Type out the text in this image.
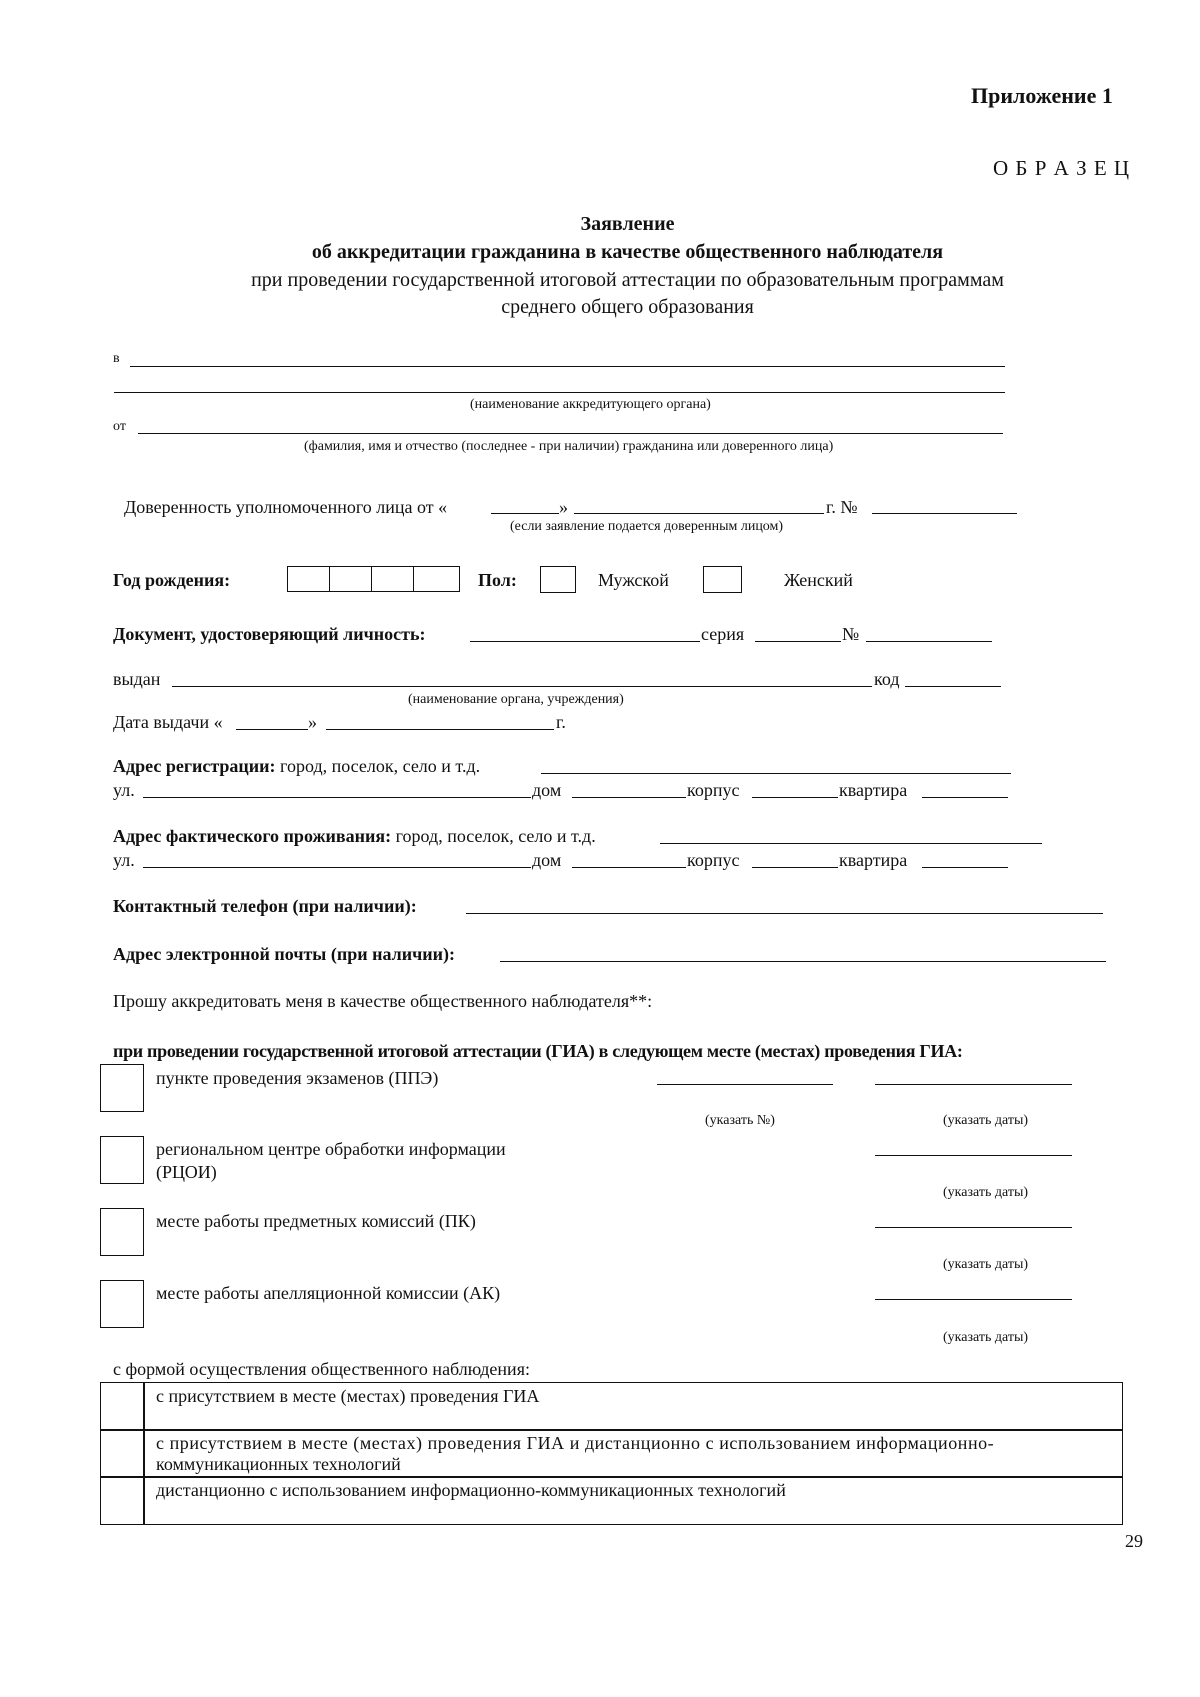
Приложение 1
О Б Р А З Е Ц
Заявление
об аккредитации гражданина в качестве общественного наблюдателя
при проведении государственной итоговой аттестации по образовательным программам
среднего общего образования
в
(наименование аккредитующего органа)
от
(фамилия, имя и отчество (последнее - при наличии) гражданина или доверенного лица)
Доверенность уполномоченного лица от «	»	г. №
(если заявление подается доверенным лицом)
Год рождения:	Пол:	Мужской	Женский
Документ, удостоверяющий личность:	серия	№
выдан	код
(наименование органа, учреждения)
Дата выдачи «	»	г.
Адрес регистрации: город, поселок, село и т.д.
ул.	дом	корпус	квартира
Адрес фактического проживания: город, поселок, село и т.д.
ул.	дом	корпус	квартира
Контактный телефон (при наличии):
Адрес электронной почты (при наличии):
Прошу аккредитовать меня в качестве общественного наблюдателя**:
при проведении государственной итоговой аттестации (ГИА) в следующем месте (местах) проведения ГИА:
пункте проведения экзаменов (ППЭ)
(указать №)	(указать даты)
региональном центре обработки информации
(РЦОИ)
(указать даты)
месте работы предметных комиссий (ПК)
(указать даты)
месте работы апелляционной комиссии (АК)
(указать даты)
с формой осуществления общественного наблюдения:
с присутствием в месте (местах) проведения ГИА
с присутствием в месте (местах) проведения ГИА и дистанционно с использованием информационно-
коммуникационных технологий
дистанционно с использованием информационно-коммуникационных технологий
29
